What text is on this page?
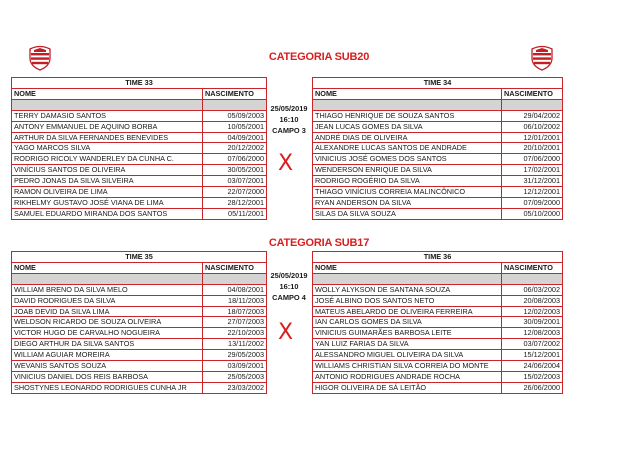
CATEGORIA SUB20
TIME 33	
NOME	NASCIMENTO

TERRY DAMASIO SANTOS	05/09/2003
ANTONY EMMANUEL DE AQUINO BORBA	10/05/2001
ARTHUR DA SILVA FERNANDES BENEVIDES	04/09/2001
YAGO MARCOS SILVA	20/12/2002
RODRIGO RICOLY WANDERLEY DA CUNHA C.	07/06/2000
VINÍCIUS SANTOS DE OLIVEIRA	30/05/2001
PEDRO JONAS DA SILVA SILVEIRA	03/07/2001
RAMON OLIVEIRA DE LIMA	22/07/2000
RIKHELMY GUSTAVO JOSÉ VIANA DE LIMA	28/12/2001
SAMUEL EDUARDO MIRANDA DOS SANTOS	05/11/2001
25/05/2019
16:10
CAMPO 3
X
TIME 34	
NOME	NASCIMENTO

THIAGO HENRIQUE DE SOUZA SANTOS	29/04/2002
JEAN LUCAS GOMES DA SILVA	06/10/2002
ANDRÉ DIAS DE OLIVEIRA	12/01/2001
ALEXANDRE LUCAS SANTOS DE ANDRADE	20/10/2001
VINICIUS JOSÉ GOMES DOS SANTOS	07/06/2000
WENDERSON ENRIQUE DA SILVA	17/02/2001
RODRIGO ROGÉRIO DA SILVA	31/12/2001
THIAGO VINÍCIUS CORREIA MALINCÔNICO	12/12/2001
RYAN ANDERSON DA SILVA	07/09/2000
SILAS DA SILVA SOUZA	05/10/2000
CATEGORIA SUB17
TIME 35	
NOME	NASCIMENTO

WILLIAM BRENO DA SILVA MELO	04/08/2001
DAVID RODRIGUES DA SILVA	18/11/2003
JOAB DEVID DA SILVA LIMA	18/07/2003
WELDSON RICARDO DE SOUZA OLIVEIRA	27/07/2003
VICTOR HUGO DE CARVALHO NOGUEIRA	22/10/2003
DIEGO ARTHUR DA SILVA SANTOS	13/11/2002
WILLIAM AGUIAR MOREIRA	29/05/2003
WEVANIS SANTOS SOUZA	03/09/2001
VINICIUS DANIEL DOS REIS BARBOSA	25/05/2003
SHOSTYNES LEONARDO RODRIGUES CUNHA JR	23/03/2002
25/05/2019
16:10
CAMPO 4
X
TIME 36	
NOME	NASCIMENTO

WOLLY ALYKSON DE SANTANA SOUZA	06/03/2002
JOSÉ ALBINO DOS SANTOS NETO	20/08/2003
MATEUS ABELARDO DE OLIVEIRA FERREIRA	12/02/2003
IAN CARLOS GOMES DA SILVA	30/09/2001
VINICIUS GUIMARÃES BARBOSA LEITE	12/08/2003
YAN LUIZ FARIAS DA SILVA	03/07/2002
ALESSANDRO MIGUEL OLIVEIRA DA SILVA	15/12/2001
WILLIAMS CHRISTIAN SILVA CORREIA DO MONTE	24/06/2004
ANTONIO RODRIGUES ANDRADE ROCHA	15/02/2003
HIGOR OLIVEIRA DE SÁ LEITÃO	26/06/2000
